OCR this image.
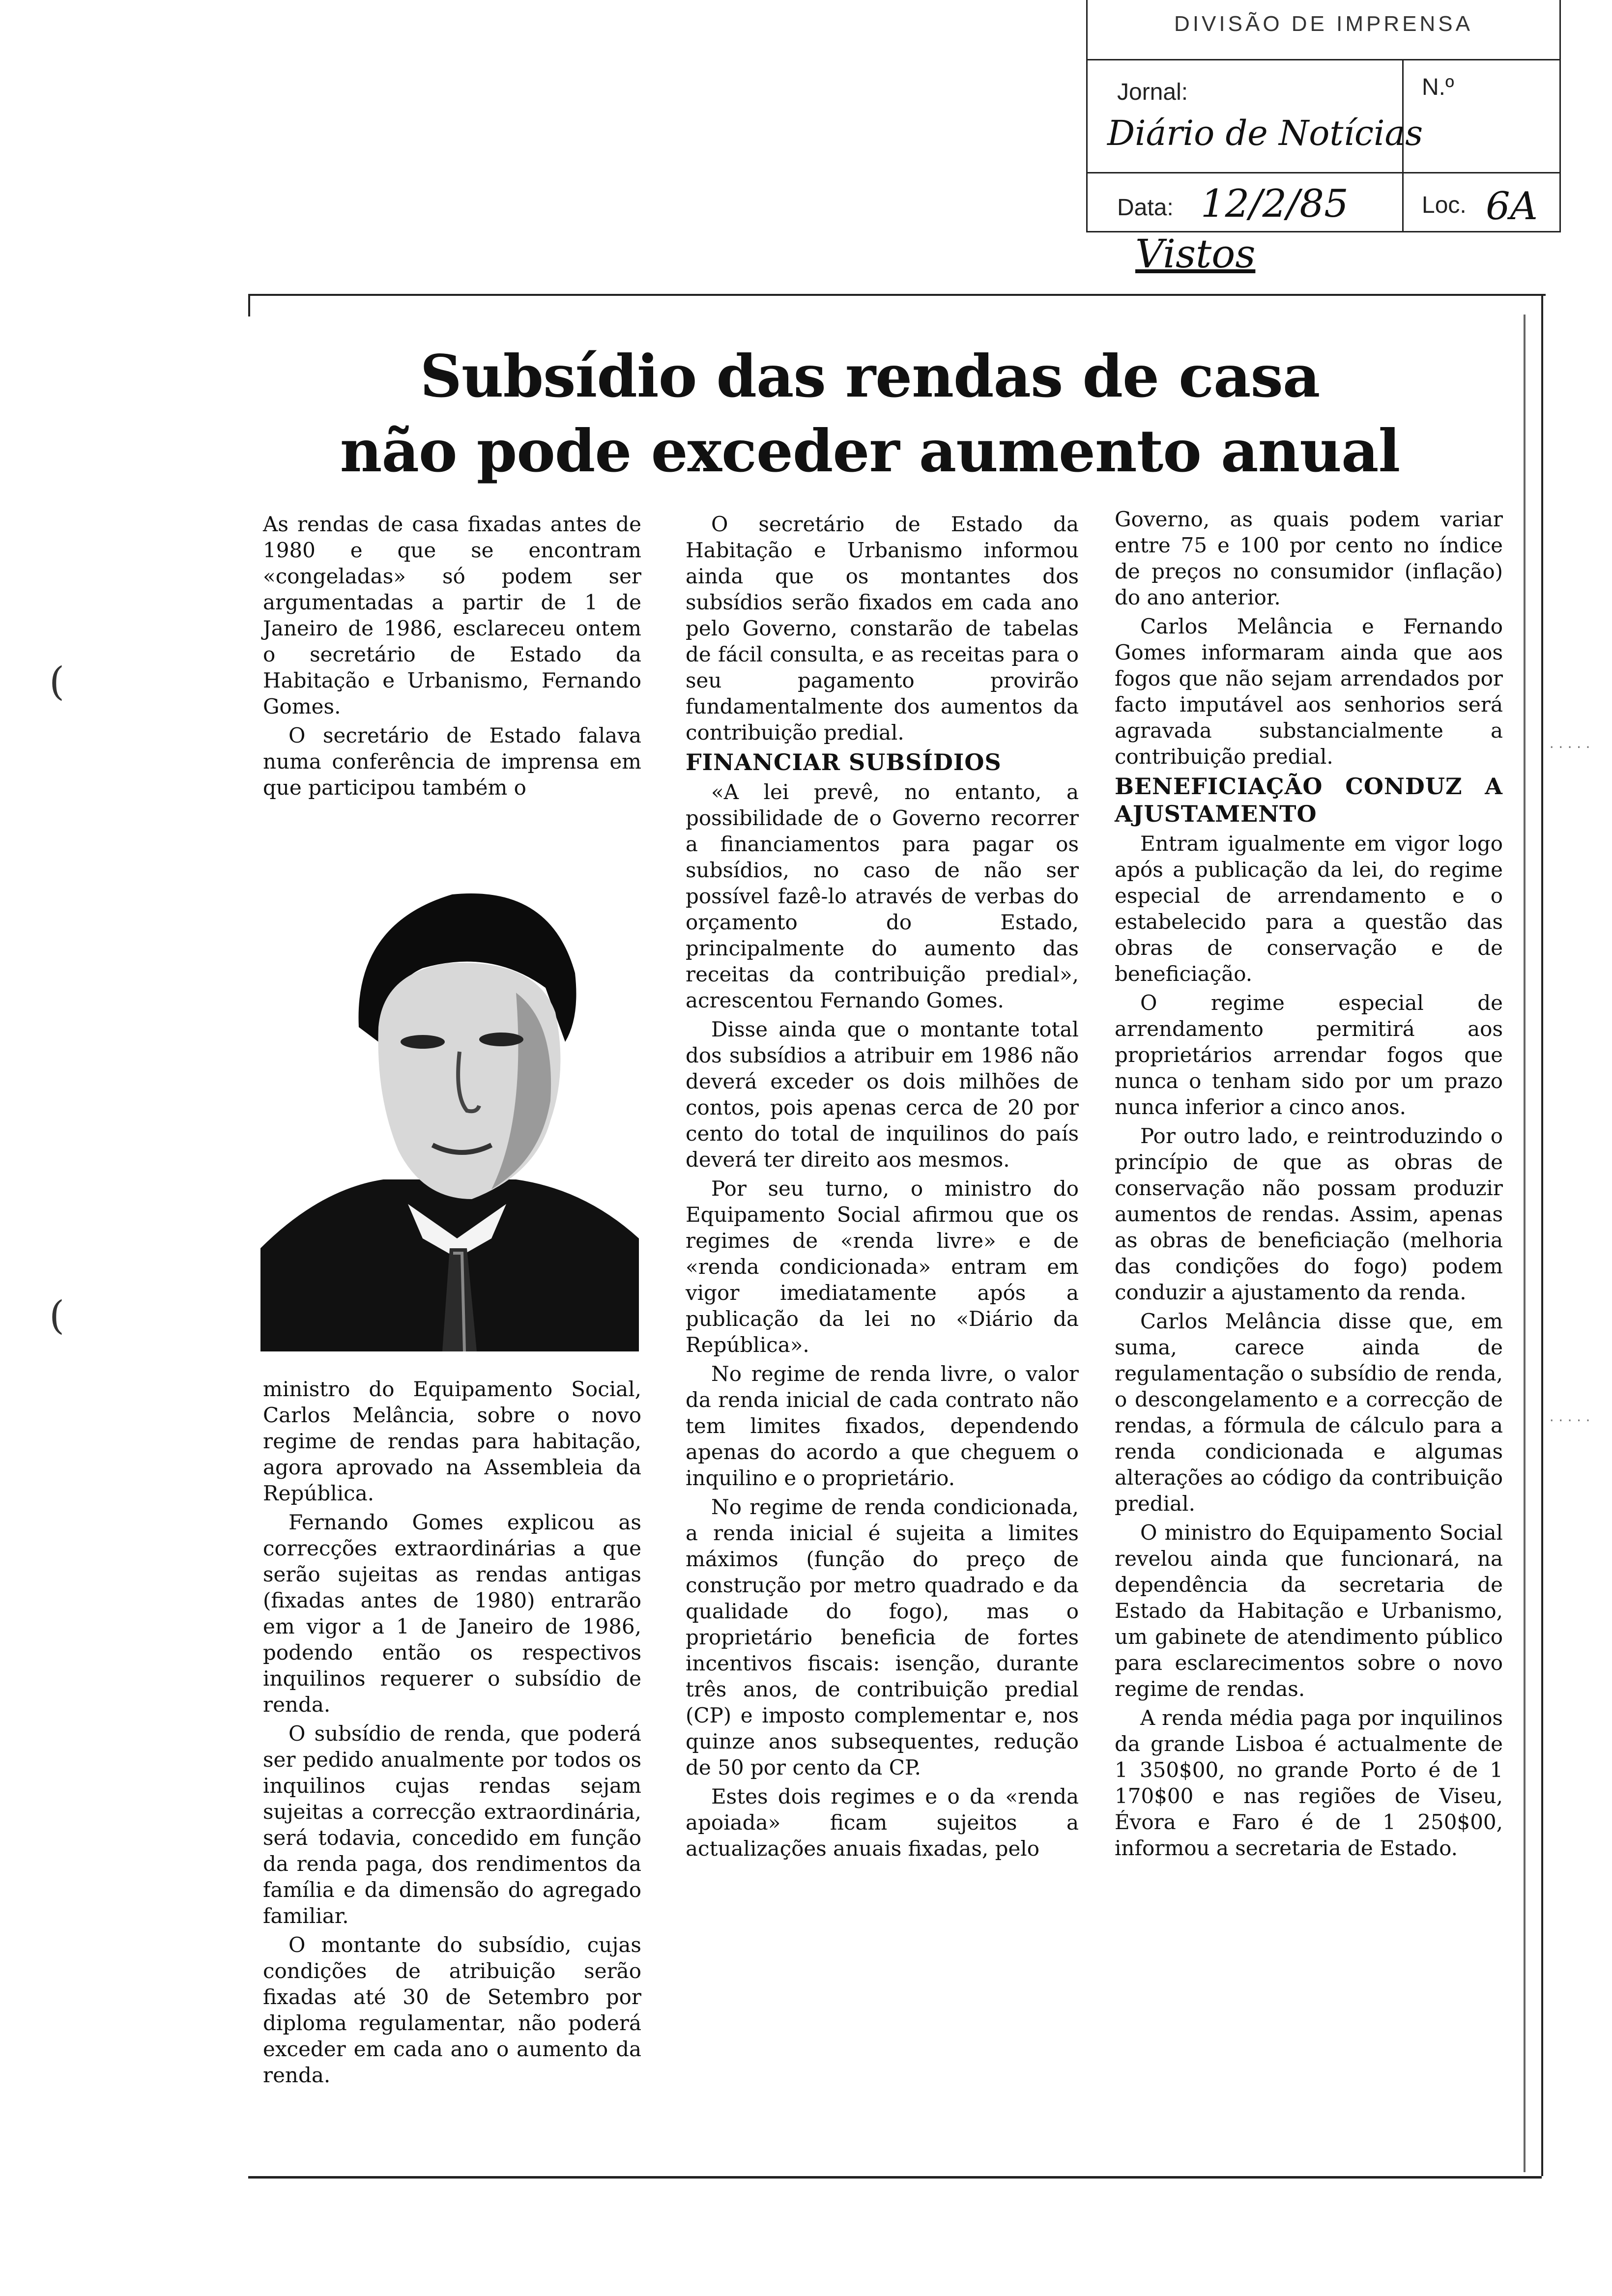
DIVISÃO DE IMPRENSA
Jornal:
Diário de Notícias
N.º
Data: 12/2/85	Loc. 6A
Vistos
(
(
.....
.....
Subsídio das rendas de casa
não pode exceder aumento anual

As rendas de casa fixadas antes de 1980 e que se encontram «congeladas» só podem ser argumentadas a partir de 1 de Janeiro de 1986, esclareceu ontem o secretário de Estado da Habitação e Urbanismo, Fernando Gomes.

O secretário de Estado falava numa conferência de imprensa em que participou também o

ministro do Equipamento Social, Carlos Melância, sobre o novo regime de rendas para habitação, agora aprovado na Assembleia da República.

Fernando Gomes explicou as correcções extraordinárias a que serão sujeitas as rendas antigas (fixadas antes de 1980) entrarão em vigor a 1 de Janeiro de 1986, podendo então os respectivos inquilinos requerer o subsídio de renda.

O subsídio de renda, que poderá ser pedido anualmente por todos os inquilinos cujas rendas sejam sujeitas a correcção extraordinária, será todavia, concedido em função da renda paga, dos rendimentos da família e da dimensão do agregado familiar.

O montante do subsídio, cujas condições de atribuição serão fixadas até 30 de Setembro por diploma regulamentar, não poderá exceder em cada ano o aumento da renda.

O secretário de Estado da Habitação e Urbanismo informou ainda que os montantes dos subsídios serão fixados em cada ano pelo Governo, constarão de tabelas de fácil consulta, e as receitas para o seu pagamento provirão fundamentalmente dos aumentos da contribuição predial.

FINANCIAR SUBSÍDIOS

«A lei prevê, no entanto, a possibilidade de o Governo recorrer a financiamentos para pagar os subsídios, no caso de não ser possível fazê-lo através de verbas do orçamento do Estado, principalmente do aumento das receitas da contribuição predial», acrescentou Fernando Gomes.

Disse ainda que o montante total dos subsídios a atribuir em 1986 não deverá exceder os dois milhões de contos, pois apenas cerca de 20 por cento do total de inquilinos do país deverá ter direito aos mesmos.

Por seu turno, o ministro do Equipamento Social afirmou que os regimes de «renda livre» e de «renda condicionada» entram em vigor imediatamente após a publicação da lei no «Diário da República».

No regime de renda livre, o valor da renda inicial de cada contrato não tem limites fixados, dependendo apenas do acordo a que cheguem o inquilino e o proprietário.

No regime de renda condicionada, a renda inicial é sujeita a limites máximos (função do preço de construção por metro quadrado e da qualidade do fogo), mas o proprietário beneficia de fortes incentivos fiscais: isenção, durante três anos, de contribuição predial (CP) e imposto complementar e, nos quinze anos subsequentes, redução de 50 por cento da CP.

Estes dois regimes e o da «renda apoiada» ficam sujeitos a actualizações anuais fixadas, pelo

Governo, as quais podem variar entre 75 e 100 por cento no índice de preços no consumidor (inflação) do ano anterior.

Carlos Melância e Fernando Gomes informaram ainda que aos fogos que não sejam arrendados por facto imputável aos senhorios será agravada substancialmente a contribuição predial.

BENEFICIAÇÃO CONDUZ A AJUSTAMENTO

Entram igualmente em vigor logo após a publicação da lei, do regime especial de arrendamento e o estabelecido para a questão das obras de conservação e de beneficiação.

O regime especial de arrendamento permitirá aos proprietários arrendar fogos que nunca o tenham sido por um prazo nunca inferior a cinco anos.

Por outro lado, e reintroduzindo o princípio de que as obras de conservação não possam produzir aumentos de rendas. Assim, apenas as obras de beneficiação (melhoria das condições do fogo) podem conduzir a ajustamento da renda.

Carlos Melância disse que, em suma, carece ainda de regulamentação o subsídio de renda, o descongelamento e a correcção de rendas, a fórmula de cálculo para a renda condicionada e algumas alterações ao código da contribuição predial.

O ministro do Equipamento Social revelou ainda que funcionará, na dependência da secretaria de Estado da Habitação e Urbanismo, um gabinete de atendimento público para esclarecimentos sobre o novo regime de rendas.

A renda média paga por inquilinos da grande Lisboa é actualmente de 1 350$00, no grande Porto é de 1 170$00 e nas regiões de Viseu, Évora e Faro é de 1 250$00, informou a secretaria de Estado.
